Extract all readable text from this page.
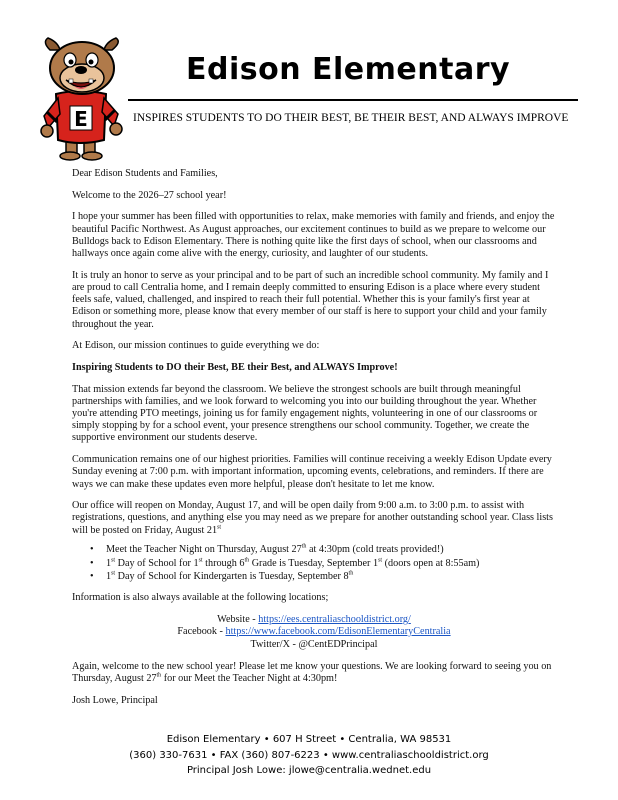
E
Edison Elementary
INSPIRES STUDENTS TO DO THEIR BEST, BE THEIR BEST, AND ALWAYS IMPROVE

Dear Edison Students and Families,

Welcome to the 2026–27 school year!

I hope your summer has been filled with opportunities to relax, make memories with family and friends, and enjoy the beautiful Pacific Northwest. As August approaches, our excitement continues to build as we prepare to welcome our Bulldogs back to Edison Elementary. There is nothing quite like the first days of school, when our classrooms and hallways once again come alive with the energy, curiosity, and laughter of our students.

It is truly an honor to serve as your principal and to be part of such an incredible school community. My family and I are proud to call Centralia home, and I remain deeply committed to ensuring Edison is a place where every student feels safe, valued, challenged, and inspired to reach their full potential. Whether this is your family's first year at Edison or something more, please know that every member of our staff is here to support your child and your family throughout the year.

At Edison, our mission continues to guide everything we do:

Inspiring Students to DO their Best, BE their Best, and ALWAYS Improve!

That mission extends far beyond the classroom. We believe the strongest schools are built through meaningful partnerships with families, and we look forward to welcoming you into our building throughout the year. Whether you're attending PTO meetings, joining us for family engagement nights, volunteering in one of our classrooms or simply stopping by for a school event, your presence strengthens our school community. Together, we create the supportive environment our students deserve.

Communication remains one of our highest priorities. Families will continue receiving a weekly Edison Update every Sunday evening at 7:00 p.m. with important information, upcoming events, celebrations, and reminders. If there are ways we can make these updates even more helpful, please don't hesitate to let me know.

Our office will reopen on Monday, August 17, and will be open daily from 9:00 a.m. to 3:00 p.m. to assist with registrations, questions, and anything else you may need as we prepare for another outstanding school year. Class lists will be posted on Friday, August 21st

• Meet the Teacher Night on Thursday, August 27th at 4:30pm (cold treats provided!)
• 1st Day of School for 1st through 6th Grade is Tuesday, September 1st (doors open at 8:55am)
• 1st Day of School for Kindergarten is Tuesday, September 8th

Information is also always available at the following locations;

Website - https://ees.centraliaschooldistrict.org/
Facebook - https://www.facebook.com/EdisonElementaryCentralia
Twitter/X - @CentEDPrincipal

Again, welcome to the new school year! Please let me know your questions. We are looking forward to seeing you on Thursday, August 27th for our Meet the Teacher Night at 4:30pm!

Josh Lowe, Principal

Edison Elementary • 607 H Street • Centralia, WA 98531
(360) 330-7631 • FAX (360) 807-6223 • www.centraliaschooldistrict.org
Principal Josh Lowe: jlowe@centralia.wednet.edu
